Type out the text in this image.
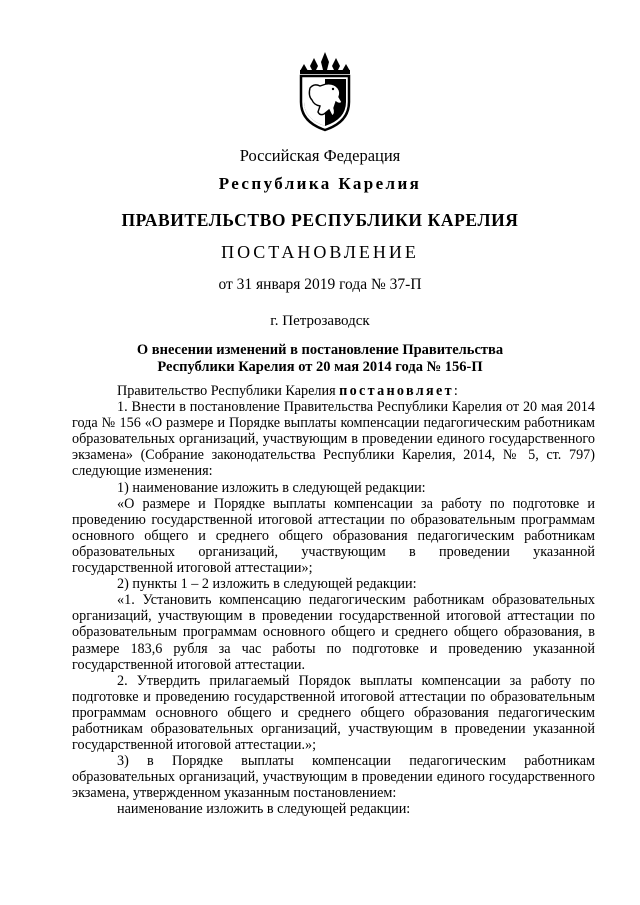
Российская Федерация
Республика Карелия
ПРАВИТЕЛЬСТВО РЕСПУБЛИКИ КАРЕЛИЯ
ПОСТАНОВЛЕНИЕ
от 31 января 2019 года № 37-П
г. Петрозаводск
О внесении изменений в постановление Правительства
Республики Карелия от 20 мая 2014 года № 156-П

Правительство Республики Карелия постановляет:

1. Внести в постановление Правительства Республики Карелия от 20 мая 2014 года № 156 «О размере и Порядке выплаты компенсации педагогическим работникам образовательных организаций, участвующим в проведении единого государственного экзамена» (Собрание законодательства Республики Карелия, 2014, № 5, ст. 797) следующие изменения:

1) наименование изложить в следующей редакции:

«О размере и Порядке выплаты компенсации за работу по подготовке и проведению государственной итоговой аттестации по образовательным программам основного общего и среднего общего образования педагогическим работникам образовательных организаций, участвующим в проведении указанной государственной итоговой аттестации»;

2) пункты 1 – 2 изложить в следующей редакции:

«1. Установить компенсацию педагогическим работникам образовательных организаций, участвующим в проведении государственной итоговой аттестации по образовательным программам основного общего и среднего общего образования, в размере 183,6 рубля за час работы по подготовке и проведению указанной государственной итоговой аттестации.

2. Утвердить прилагаемый Порядок выплаты компенсации за работу по подготовке и проведению государственной итоговой аттестации по образовательным программам основного общего и среднего общего образования педагогическим работникам образовательных организаций, участвующим в проведении указанной государственной итоговой аттестации.»;

3) в Порядке выплаты компенсации педагогическим работникам образовательных организаций, участвующим в проведении единого государственного экзамена, утвержденном указанным постановлением:

наименование изложить в следующей редакции:
